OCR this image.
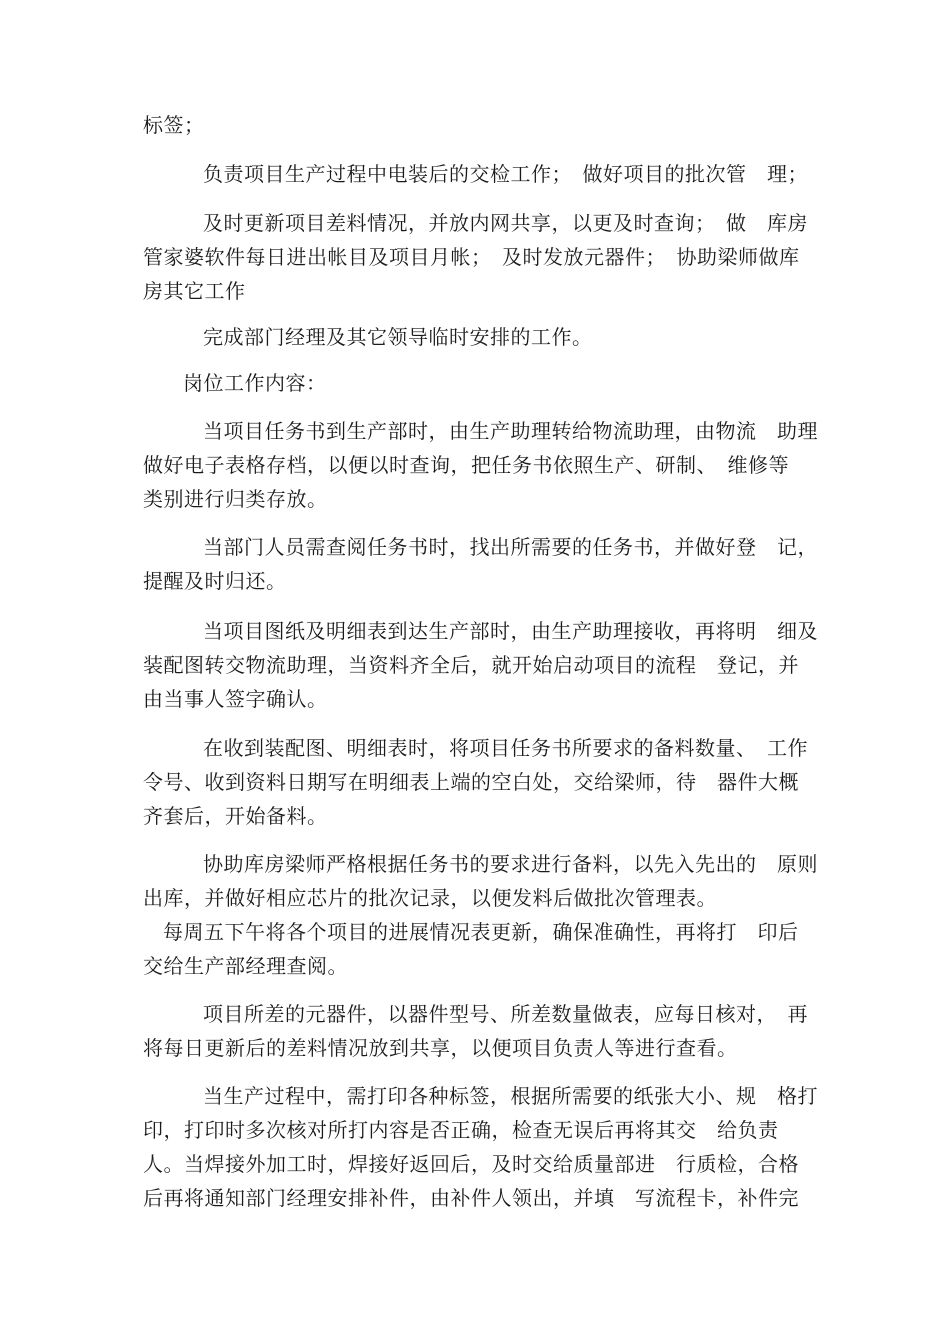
标签；
负责项目生产过程中电装后的交检工作；　做好项目的批次管　理；
及时更新项目差料情况，并放内网共享，以更及时查询；　做　库房
管家婆软件每日进出帐目及项目月帐；　及时发放元器件；　协助梁师做库
房其它工作
完成部门经理及其它领导临时安排的工作。
岗位工作内容：
当项目任务书到生产部时，由生产助理转给物流助理，由物流　助理
做好电子表格存档，以便以时查询，把任务书依照生产、研制、　维修等
类别进行归类存放。
当部门人员需查阅任务书时，找出所需要的任务书，并做好登　记，
提醒及时归还。
当项目图纸及明细表到达生产部时，由生产助理接收，再将明　细及
装配图转交物流助理，当资料齐全后，就开始启动项目的流程　登记，并
由当事人签字确认。
在收到装配图、明细表时，将项目任务书所要求的备料数量、　工作
令号、收到资料日期写在明细表上端的空白处，交给梁师，待　器件大概
齐套后，开始备料。
协助库房梁师严格根据任务书的要求进行备料，以先入先出的　原则
出库，并做好相应芯片的批次记录，以便发料后做批次管理表。
每周五下午将各个项目的进展情况表更新，确保准确性，再将打　印后
交给生产部经理查阅。
项目所差的元器件，以器件型号、所差数量做表，应每日核对，　再
将每日更新后的差料情况放到共享，以便项目负责人等进行查看。
当生产过程中，需打印各种标签，根据所需要的纸张大小、规　格打
印，打印时多次核对所打内容是否正确，检查无误后再将其交　给负责
人。当焊接外加工时，焊接好返回后，及时交给质量部进　行质检，合格
后再将通知部门经理安排补件，由补件人领出，并填　写流程卡，补件完
